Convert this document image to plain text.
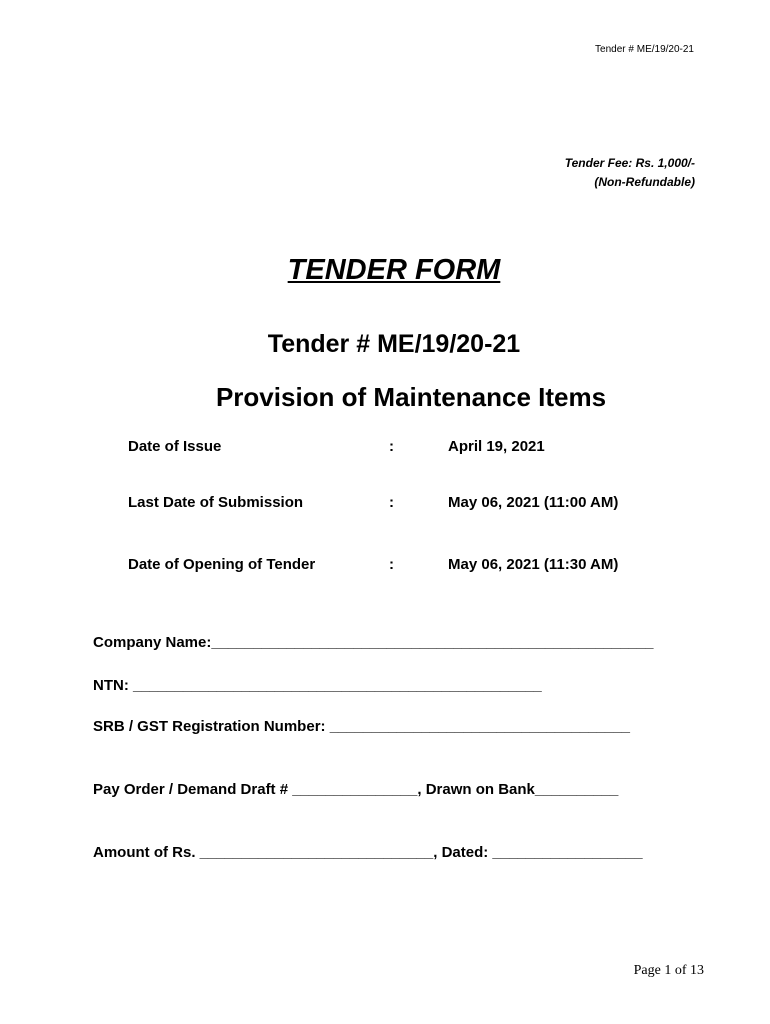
Tender # ME/19/20-21
Tender Fee: Rs. 1,000/-
(Non-Refundable)
TENDER FORM
Tender # ME/19/20-21
Provision of Maintenance Items
Date of Issue	:	April 19, 2021
Last Date of Submission	:	May 06, 2021 (11:00 AM)
Date of Opening of Tender	:	May 06, 2021 (11:30 AM)
Company Name:_____________________________________________________
NTN: _________________________________________________
SRB / GST Registration Number: ____________________________________
Pay Order / Demand Draft # _______________, Drawn on Bank__________
Amount of Rs. ____________________________, Dated: __________________
Page 1 of 13
